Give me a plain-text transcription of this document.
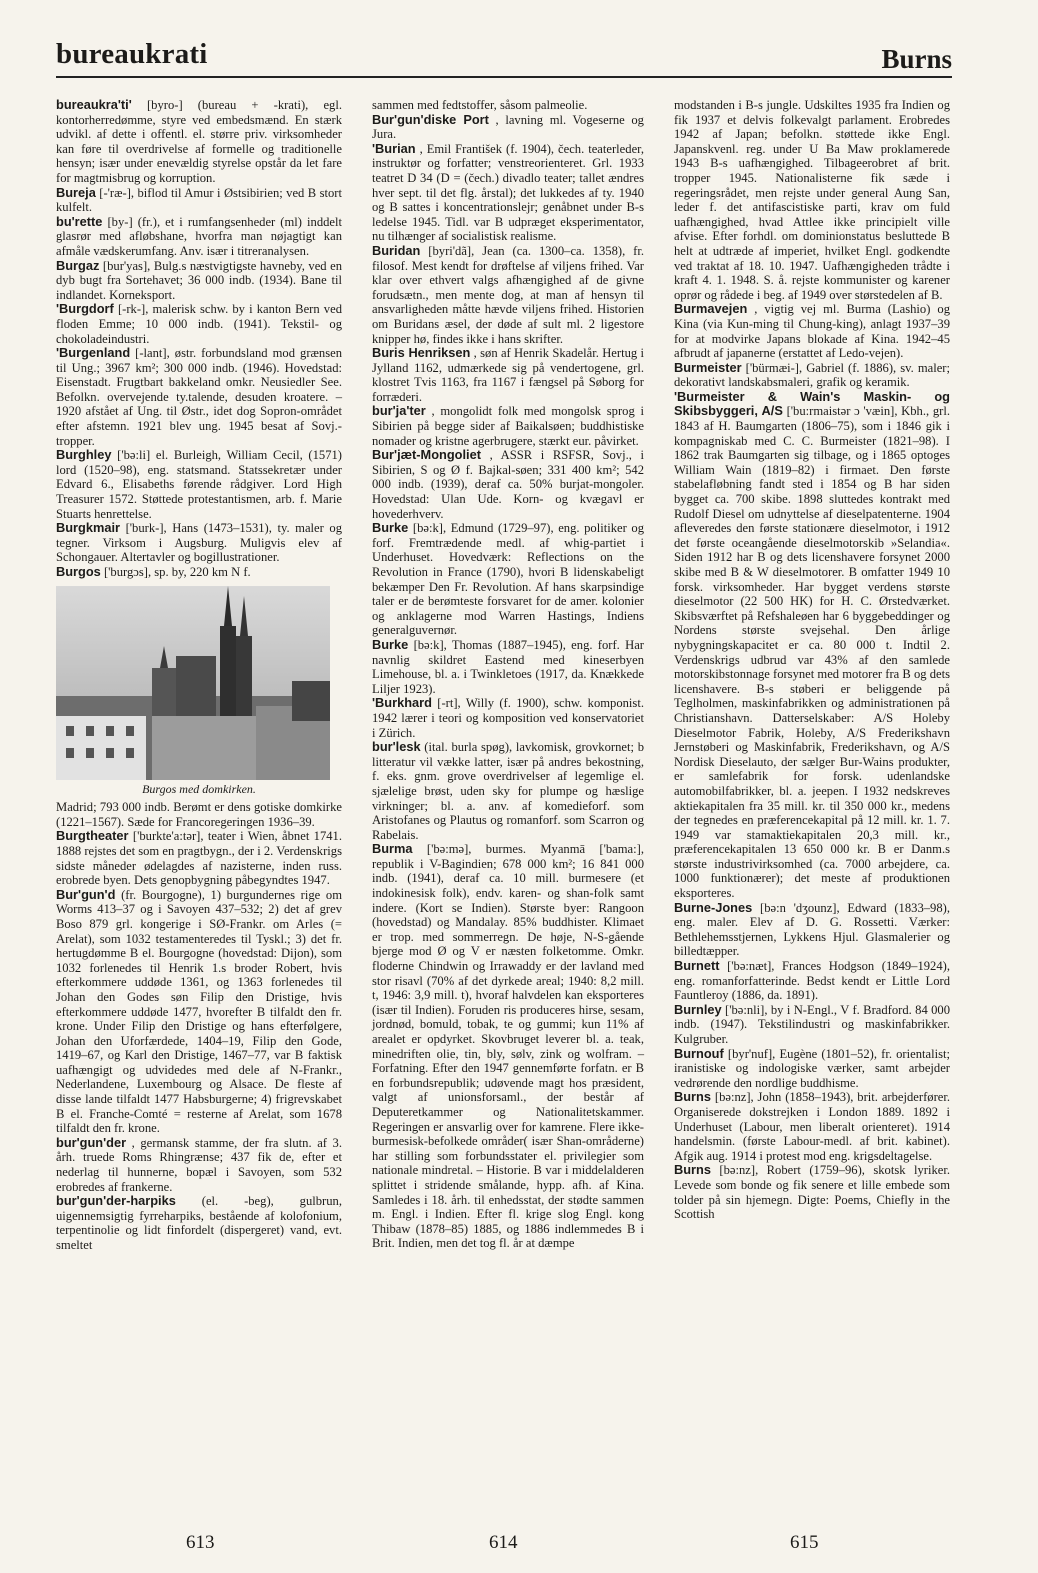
bureaukrati	Burns
bureaukra'ti' [byro-] (bureau + -krati), egl. kontorherredømme, styre ved embedsmænd. En stærk udvikl. af dette i offentl. el. større priv. virksomheder kan føre til overdrivelse af formelle og traditionelle hensyn; især under enevældig styrelse opstår da let fare for magtmisbrug og korruption.
Bureja [-'ræ-], biflod til Amur i Østsibirien; ved B stort kulfelt.
bu'rette [by-] (fr.), et i rumfangsenheder (ml) inddelt glasrør med afløbshane, hvorfra man nøjagtigt kan afmåle vædskerumfang. Anv. især i titreranalysen.
Burgaz [bur'yas], Bulg.s næstvigtigste havneby, ved en dyb bugt fra Sortehavet; 36 000 indb. (1934). Bane til indlandet. Korneksport.
'Burgdorf [-rk-], malerisk schw. by i kanton Bern ved floden Emme; 10 000 indb. (1941). Tekstil- og chokoladeindustri.
'Burgenland [-lant], østr. forbundsland mod grænsen til Ung.; 3967 km²; 300 000 indb. (1946). Hovedstad: Eisenstadt. Frugtbart bakkeland omkr. Neusiedler See. Befolkn. overvejende ty.talende, desuden kroatere. – 1920 afstået af Ung. til Østr., idet dog Sopron-området efter afstemn. 1921 blev ung. 1945 besat af Sovj.-tropper.
Burghley ['bə:li] el. Burleigh, William Cecil, (1571) lord (1520–98), eng. statsmand. Statssekretær under Edvard 6., Elisabeths førende rådgiver. Lord High Treasurer 1572. Støttede protestantismen, arb. f. Marie Stuarts henrettelse.
Burgkmair ['burk-], Hans (1473–1531), ty. maler og tegner. Virksom i Augsburg. Muligvis elev af Schongauer. Altertavler og bogillustrationer.
Burgos ['burgɔs], sp. by, 220 km N f.
Burgos med domkirken.
Madrid; 793 000 indb. Berømt er dens gotiske domkirke (1221–1567). Sæde for Francoregeringen 1936–39.
Burgtheater ['burkte'a:tər], teater i Wien, åbnet 1741. 1888 rejstes det som en pragtbygn., der i 2. Verdenskrigs sidste måneder ødelagdes af nazisterne, inden russ. erobrede byen. Dets genopbygning påbegyndtes 1947.
Bur'gun'd (fr. Bourgogne), 1) burgundernes rige om Worms 413–37 og i Savoyen 437–532; 2) det af grev Boso 879 grl. kongerige i SØ-Frankr. om Arles (= Arelat), som 1032 testamenteredes til Tyskl.; 3) det fr. hertugdømme B el. Bourgogne (hovedstad: Dijon), som 1032 forlenedes til Henrik 1.s broder Robert, hvis efterkommere uddøde 1361, og 1363 forlenedes til Johan den Godes søn Filip den Dristige, hvis efterkommere uddøde 1477, hvorefter B tilfaldt den fr. krone. Under Filip den Dristige og hans efterfølgere, Johan den Uforfærdede, 1404–19, Filip den Gode, 1419–67, og Karl den Dristige, 1467–77, var B faktisk uafhængigt og udvidedes med dele af N-Frankr., Nederlandene, Luxembourg og Alsace. De fleste af disse lande tilfaldt 1477 Habsburgerne; 4) frigrevskabet B el. Franche-Comté = resterne af Arelat, som 1678 tilfaldt den fr. krone.
bur'gun'der , germansk stamme, der fra slutn. af 3. årh. truede Roms Rhingrænse; 437 fik de, efter et nederlag til hunnerne, bopæl i Savoyen, som 532 erobredes af frankerne.
bur'gun'der-harpiks (el. -beg), gulbrun, uigennemsigtig fyrreharpiks, bestående af kolofonium, terpentinolie og lidt finfordelt (dispergeret) vand, evt. smeltet
sammen med fedtstoffer, såsom palmeolie.
Bur'gun'diske Port , lavning ml. Vogeserne og Jura.
'Burian , Emil František (f. 1904), čech. teaterleder, instruktør og forfatter; venstreorienteret. Grl. 1933 teatret D 34 (D = (čech.) divadlo teater; tallet ændres hver sept. til det flg. årstal); det lukkedes af ty. 1940 og B sattes i koncentrationslejr; genåbnet under B-s ledelse 1945. Tidl. var B udpræget eksperimentator, nu tilhænger af socialistisk realisme.
Buridan [byri'dã], Jean (ca. 1300–ca. 1358), fr. filosof. Mest kendt for drøftelse af viljens frihed. Var klar over ethvert valgs afhængighed af de givne forudsætn., men mente dog, at man af hensyn til ansvarligheden måtte hævde viljens frihed. Historien om Buridans æsel, der døde af sult ml. 2 ligestore knipper hø, findes ikke i hans skrifter.
Buris Henriksen , søn af Henrik Skadelår. Hertug i Jylland 1162, udmærkede sig på vendertogene, grl. klostret Tvis 1163, fra 1167 i fængsel på Søborg for forræderi.
bur'ja'ter , mongolidt folk med mongolsk sprog i Sibirien på begge sider af Baikalsøen; buddhistiske nomader og kristne agerbrugere, stærkt eur. påvirket.
Bur'jæt-Mongoliet , ASSR i RSFSR, Sovj., i Sibirien, S og Ø f. Bajkal-søen; 331 400 km²; 542 000 indb. (1939), deraf ca. 50% burjat-mongoler. Hovedstad: Ulan Ude. Korn- og kvægavl er hovederhverv.
Burke [bə:k], Edmund (1729–97), eng. politiker og forf. Fremtrædende medl. af whig-partiet i Underhuset. Hovedværk: Reflections on the Revolution in France (1790), hvori B lidenskabeligt bekæmper Den Fr. Revolution. Af hans skarpsindige taler er de berømteste forsvaret for de amer. kolonier og anklagerne mod Warren Hastings, Indiens generalguvernør.
Burke [bə:k], Thomas (1887–1945), eng. forf. Har navnlig skildret Eastend med kineserbyen Limehouse, bl. a. i Twinkletoes (1917, da. Knækkede Liljer 1923).
'Burkhard [-rt], Willy (f. 1900), schw. komponist. 1942 lærer i teori og komposition ved konservatoriet i Zürich.
bur'lesk (ital. burla spøg), lavkomisk, grovkornet; b litteratur vil vække latter, især på andres bekostning, f. eks. gnm. grove overdrivelser af legemlige el. sjælelige brøst, uden sky for plumpe og hæslige virkninger; bl. a. anv. af komedieforf. som Aristofanes og Plautus og romanforf. som Scarron og Rabelais.
Burma ['bə:mə], burmes. Myanmā ['bama:], republik i V-Bagindien; 678 000 km²; 16 841 000 indb. (1941), deraf ca. 10 mill. burmesere (et indokinesisk folk), endv. karen- og shan-folk samt indere. (Kort se Indien). Største byer: Rangoon (hovedstad) og Mandalay. 85% buddhister. Klimaet er trop. med sommerregn. De høje, N-S-gående bjerge mod Ø og V er næsten folketomme. Omkr. floderne Chindwin og Irrawaddy er der lavland med stor risavl (70% af det dyrkede areal; 1940: 8,2 mill. t, 1946: 3,9 mill. t), hvoraf halvdelen kan eksporteres (især til Indien). Foruden ris produceres hirse, sesam, jordnød, bomuld, tobak, te og gummi; kun 11% af arealet er opdyrket. Skovbruget leverer bl. a. teak, minedriften olie, tin, bly, sølv, zink og wolfram. – Forfatning. Efter den 1947 gennemførte forfatn. er B en forbundsrepublik; udøvende magt hos præsident, valgt af unionsforsaml., der består af Deputeretkammer og Nationalitetskammer. Regeringen er ansvarlig over for kamrene. Flere ikke-burmesisk-befolkede områder( især Shan-områderne) har stilling som forbundsstater el. privilegier som nationale mindretal. – Historie. B var i middelalderen splittet i stridende smålande, hypp. afh. af Kina. Samledes i 18. årh. til enhedsstat, der stødte sammen m. Engl. i Indien. Efter fl. krige slog Engl. kong Thibaw (1878–85) 1885, og 1886 indlemmedes B i Brit. Indien, men det tog fl. år at dæmpe
modstanden i B-s jungle. Udskiltes 1935 fra Indien og fik 1937 et delvis folkevalgt parlament. Erobredes 1942 af Japan; befolkn. støttede ikke Engl. Japanskvenl. reg. under U Ba Maw proklamerede 1943 B-s uafhængighed. Tilbageerobret af brit. tropper 1945. Nationalisterne fik sæde i regeringsrådet, men rejste under general Aung San, leder f. det antifascistiske parti, krav om fuld uafhængighed, hvad Attlee ikke principielt ville afvise. Efter forhdl. om dominionstatus besluttede B helt at udtræde af imperiet, hvilket Engl. godkendte ved traktat af 18. 10. 1947. Uafhængigheden trådte i kraft 4. 1. 1948. S. å. rejste kommunister og karener oprør og rådede i beg. af 1949 over størstedelen af B.
Burmavejen , vigtig vej ml. Burma (Lashio) og Kina (via Kun-ming til Chung-king), anlagt 1937–39 for at modvirke Japans blokade af Kina. 1942–45 afbrudt af japanerne (erstattet af Ledo-vejen).
Burmeister ['bürmæi-], Gabriel (f. 1886), sv. maler; dekorativt landskabsmaleri, grafik og keramik.
'Burmeister & Wain's Maskin- og Skibsbyggeri, A/S ['bu:rmaistər ɔ 'væin], Kbh., grl. 1843 af H. Baumgarten (1806–75), som i 1846 gik i kompagniskab med C. C. Burmeister (1821–98). I 1862 trak Baumgarten sig tilbage, og i 1865 optoges William Wain (1819–82) i firmaet. Den første stabelafløbning fandt sted i 1854 og B har siden bygget ca. 700 skibe. 1898 sluttedes kontrakt med Rudolf Diesel om udnyttelse af dieselpatenterne. 1904 afleveredes den første stationære dieselmotor, i 1912 det første oceangående dieselmotorskib »Selandia«. Siden 1912 har B og dets licenshavere forsynet 2000 skibe med B & W dieselmotorer. B omfatter 1949 10 forsk. virksomheder. Har bygget verdens største dieselmotor (22 500 HK) for H. C. Ørstedværket. Skibsværftet på Refshaleøen har 6 byggebeddinger og Nordens største svejsehal. Den årlige nybygningskapacitet er ca. 80 000 t. Indtil 2. Verdenskrigs udbrud var 43% af den samlede motorskibstonnage forsynet med motorer fra B og dets licenshavere. B-s støberi er beliggende på Teglholmen, maskinfabrikken og administrationen på Christianshavn. Datterselskaber: A/S Holeby Dieselmotor Fabrik, Holeby, A/S Frederikshavn Jernstøberi og Maskinfabrik, Frederikshavn, og A/S Nordisk Dieselauto, der sælger Bur-Wains produkter, er samlefabrik for forsk. udenlandske automobilfabrikker, bl. a. jeepen. I 1932 nedskreves aktiekapitalen fra 35 mill. kr. til 350 000 kr., medens der tegnedes en præferencekapital på 12 mill. kr. 1. 7. 1949 var stamaktiekapitalen 20,3 mill. kr., præferencekapitalen 13 650 000 kr. B er Danm.s største industrivirksomhed (ca. 7000 arbejdere, ca. 1000 funktionærer); det meste af produktionen eksporteres.
Burne-Jones [bə:n 'dʒounz], Edward (1833–98), eng. maler. Elev af D. G. Rossetti. Værker: Bethlehemsstjernen, Lykkens Hjul. Glasmalerier og billedtæpper.
Burnett ['bə:næt], Frances Hodgson (1849–1924), eng. romanforfatterinde. Bedst kendt er Little Lord Fauntleroy (1886, da. 1891).
Burnley ['bə:nli], by i N-Engl., V f. Bradford. 84 000 indb. (1947). Tekstilindustri og maskinfabrikker. Kulgruber.
Burnouf [byr'nuf], Eugène (1801–52), fr. orientalist; iranistiske og indologiske værker, samt arbejder vedrørende den nordlige buddhisme.
Burns [bə:nz], John (1858–1943), brit. arbejderfører. Organiserede dokstrejken i London 1889. 1892 i Underhuset (Labour, men liberalt orienteret). 1914 handelsmin. (første Labour-medl. af brit. kabinet). Afgik aug. 1914 i protest mod eng. krigsdeltagelse.
Burns [bə:nz], Robert (1759–96), skotsk lyriker. Levede som bonde og fik senere et lille embede som tolder på sin hjemegn. Digte: Poems, Chiefly in the Scottish
613	614	615
